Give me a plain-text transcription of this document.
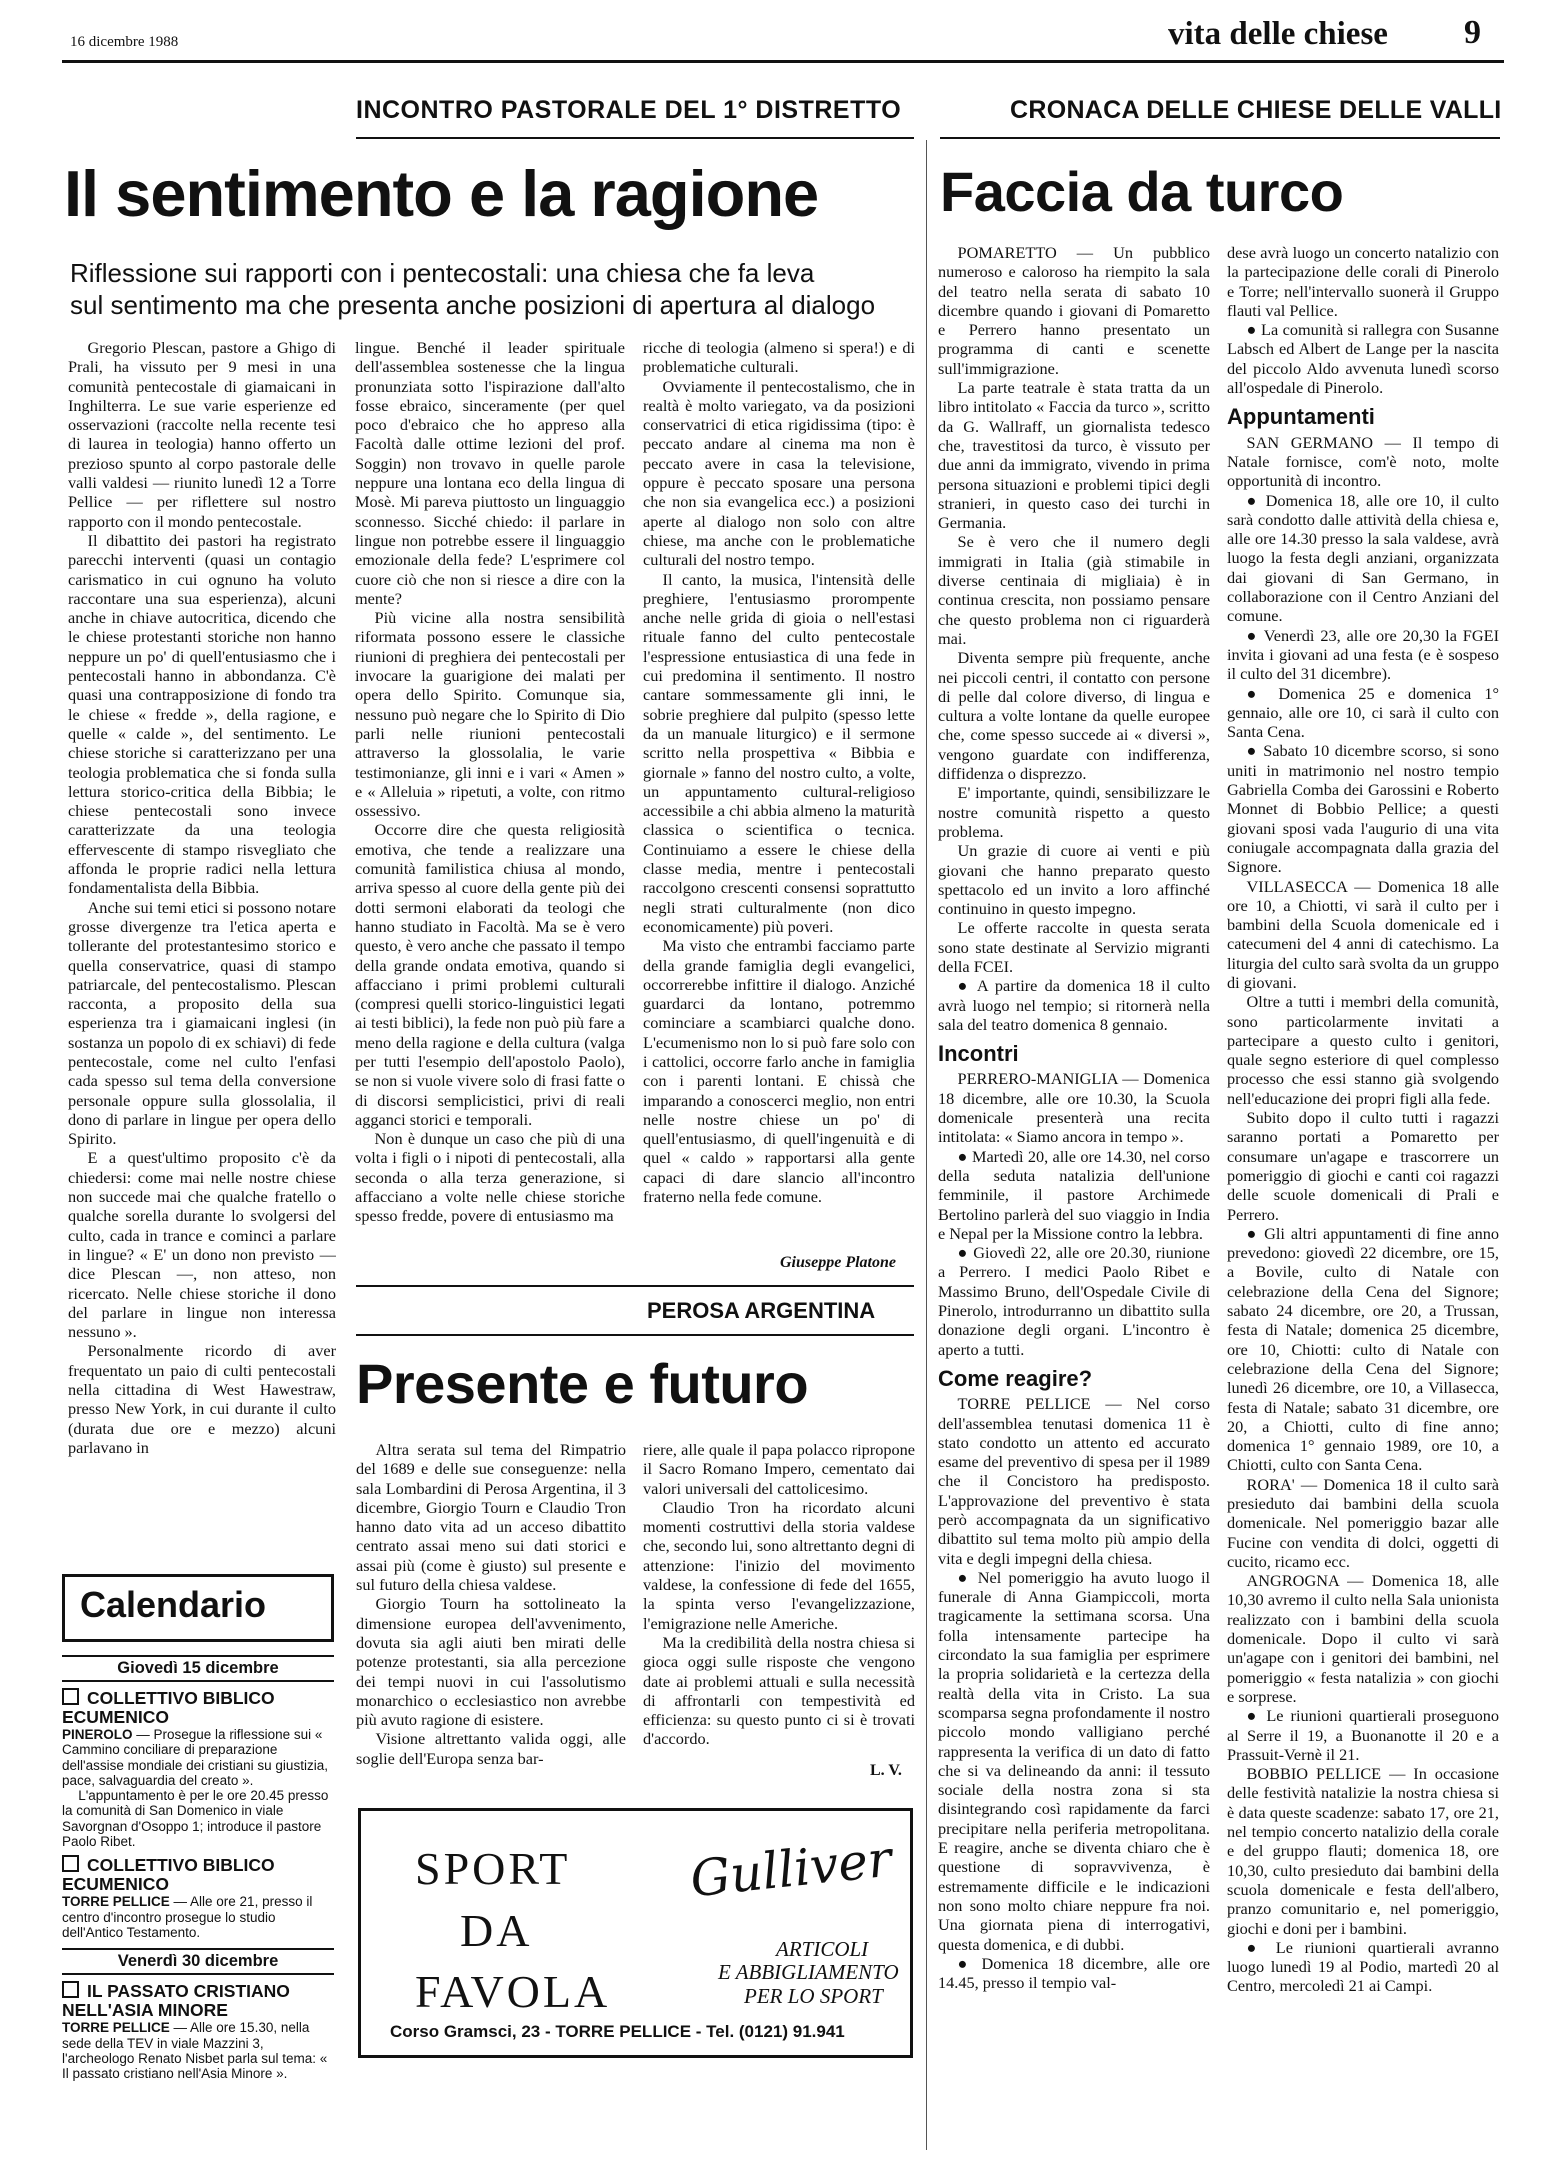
16 dicembre 1988	vita delle chiese 9
INCONTRO PASTORALE DEL 1° DISTRETTO	CRONACA DELLE CHIESE DELLE VALLI
Il sentimento e la ragione
Riflessione sui rapporti con i pentecostali: una chiesa che fa leva
sul sentimento ma che presenta anche posizioni di apertura al dialogo

Gregorio Plescan, pastore a Ghigo di Prali, ha vissuto per 9 mesi in una comunità pentecostale di giamaicani in Inghilterra. Le sue varie esperienze ed osservazioni (raccolte nella recente tesi di laurea in teologia) hanno offerto un prezioso spunto al corpo pastorale delle valli valdesi — riunito lunedì 12 a Torre Pellice — per riflettere sul nostro rapporto con il mondo pentecostale.

Il dibattito dei pastori ha registrato parecchi interventi (quasi un contagio carismatico in cui ognuno ha voluto raccontare una sua esperienza), alcuni anche in chiave autocritica, dicendo che le chiese protestanti storiche non hanno neppure un po' di quell'entusiasmo che i pentecostali hanno in abbondanza. C'è quasi una contrapposizione di fondo tra le chiese « fredde », della ragione, e quelle « calde », del sentimento. Le chiese storiche si caratterizzano per una teologia problematica che si fonda sulla lettura storico-critica della Bibbia; le chiese pentecostali sono invece caratterizzate da una teologia effervescente di stampo risvegliato che affonda le proprie radici nella lettura fondamentalista della Bibbia.

Anche sui temi etici si possono notare grosse divergenze tra l'etica aperta e tollerante del protestantesimo storico e quella conservatrice, quasi di stampo patriarcale, del pentecostalismo. Plescan racconta, a proposito della sua esperienza tra i giamaicani inglesi (in sostanza un popolo di ex schiavi) di fede pentecostale, come nel culto l'enfasi cada spesso sul tema della conversione personale oppure sulla glossolalia, il dono di parlare in lingue per opera dello Spirito.

E a quest'ultimo proposito c'è da chiedersi: come mai nelle nostre chiese non succede mai che qualche fratello o qualche sorella durante lo svolgersi del culto, cada in trance e cominci a parlare in lingue? « E' un dono non previsto — dice Plescan —, non atteso, non ricercato. Nelle chiese storiche il dono del parlare in lingue non interessa nessuno ».

Personalmente ricordo di aver frequentato un paio di culti pentecostali nella cittadina di West Hawestraw, presso New York, in cui durante il culto (durata due ore e mezzo) alcuni parlavano in

lingue. Benché il leader spirituale dell'assemblea sostenesse che la lingua pronunziata sotto l'ispirazione dall'alto fosse ebraico, sinceramente (per quel poco d'ebraico che ho appreso alla Facoltà dalle ottime lezioni del prof. Soggin) non trovavo in quelle parole neppure una lontana eco della lingua di Mosè. Mi pareva piuttosto un linguaggio sconnesso. Sicché chiedo: il parlare in lingue non potrebbe essere il linguaggio emozionale della fede? L'esprimere col cuore ciò che non si riesce a dire con la mente?

Più vicine alla nostra sensibilità riformata possono essere le classiche riunioni di preghiera dei pentecostali per invocare la guarigione dei malati per opera dello Spirito. Comunque sia, nessuno può negare che lo Spirito di Dio parli nelle riunioni pentecostali attraverso la glossolalia, le varie testimonianze, gli inni e i vari « Amen » e « Alleluia » ripetuti, a volte, con ritmo ossessivo.

Occorre dire che questa religiosità emotiva, che tende a realizzare una comunità familistica chiusa al mondo, arriva spesso al cuore della gente più dei dotti sermoni elaborati da teologi che hanno studiato in Facoltà. Ma se è vero questo, è vero anche che passato il tempo della grande ondata emotiva, quando si affacciano i primi problemi culturali (compresi quelli storico-linguistici legati ai testi biblici), la fede non può più fare a meno della ragione e della cultura (valga per tutti l'esempio dell'apostolo Paolo), se non si vuole vivere solo di frasi fatte o di discorsi semplicistici, privi di reali agganci storici e temporali.

Non è dunque un caso che più di una volta i figli o i nipoti di pentecostali, alla seconda o alla terza generazione, si affacciano a volte nelle chiese storiche spesso fredde, povere di entusiasmo ma

ricche di teologia (almeno si spera!) e di problematiche culturali.

Ovviamente il pentecostalismo, che in realtà è molto variegato, va da posizioni conservatrici di etica rigidissima (tipo: è peccato andare al cinema ma non è peccato avere in casa la televisione, oppure è peccato sposare una persona che non sia evangelica ecc.) a posizioni aperte al dialogo non solo con altre chiese, ma anche con le problematiche culturali del nostro tempo.

Il canto, la musica, l'intensità delle preghiere, l'entusiasmo prorompente anche nelle grida di gioia o nell'estasi rituale fanno del culto pentecostale l'espressione entusiastica di una fede in cui predomina il sentimento. Il nostro cantare sommessamente gli inni, le sobrie preghiere dal pulpito (spesso lette da un manuale liturgico) e il sermone scritto nella prospettiva « Bibbia e giornale » fanno del nostro culto, a volte, un appuntamento cultural-religioso accessibile a chi abbia almeno la maturità classica o scientifica o tecnica. Continuiamo a essere le chiese della classe media, mentre i pentecostali raccolgono crescenti consensi soprattutto negli strati culturalmente (non dico economicamente) più poveri.

Ma visto che entrambi facciamo parte della grande famiglia degli evangelici, occorrerebbe infittire il dialogo. Anziché guardarci da lontano, potremmo cominciare a scambiarci qualche dono. L'ecumenismo non lo si può fare solo con i cattolici, occorre farlo anche in famiglia con i parenti lontani. E chissà che imparando a conoscerci meglio, non entri nelle nostre chiese un po' di quell'entusiasmo, di quell'ingenuità e di quel « caldo » rapportarsi alla gente capaci di dare slancio all'incontro fraterno nella fede comune.

Giuseppe Platone
PEROSA ARGENTINA
Presente e futuro

Altra serata sul tema del Rimpatrio del 1689 e delle sue conseguenze: nella sala Lombardini di Perosa Argentina, il 3 dicembre, Giorgio Tourn e Claudio Tron hanno dato vita ad un acceso dibattito centrato assai meno sui dati storici e assai più (come è giusto) sul presente e sul futuro della chiesa valdese.

Giorgio Tourn ha sottolineato la dimensione europea dell'avvenimento, dovuta sia agli aiuti ben mirati delle potenze protestanti, sia alla percezione dei tempi nuovi in cui l'assolutismo monarchico o ecclesiastico non avrebbe più avuto ragione di esistere.

Visione altrettanto valida oggi, alle soglie dell'Europa senza bar-

riere, alle quale il papa polacco ripropone il Sacro Romano Impero, cementato dai valori universali del cattolicesimo.

Claudio Tron ha ricordato alcuni momenti costruttivi della storia valdese che, secondo lui, sono altrettanto degni di attenzione: l'inizio del movimento valdese, la confessione di fede del 1655, la spinta verso l'evangelizzazione, l'emigrazione nelle Americhe.

Ma la credibilità della nostra chiesa si gioca oggi sulle risposte che vengono date ai problemi attuali e sulla necessità di affrontarli con tempestività ed efficienza: su questo punto ci si è trovati d'accordo.

L. V.
SPORT
DA
FAVOLA
Gulliver
ARTICOLI
E ABBIGLIAMENTO
PER LO SPORT
Corso Gramsci, 23 - TORRE PELLICE - Tel. (0121) 91.941
Calendario
Giovedì 15 dicembre
COLLETTIVO BIBLICO ECUMENICO
PINEROLO — Prosegue la riflessione sui « Cammino conciliare di preparazione dell'assise mondiale dei cristiani su giustizia, pace, salvaguardia del creato ».
L'appuntamento è per le ore 20.45 presso la comunità di San Domenico in viale Savorgnan d'Osoppo 1; introduce il pastore Paolo Ribet.
COLLETTIVO BIBLICO ECUMENICO
TORRE PELLICE — Alle ore 21, presso il centro d'incontro prosegue lo studio dell'Antico Testamento.
Venerdì 30 dicembre
IL PASSATO CRISTIANO NELL'ASIA MINORE
TORRE PELLICE — Alle ore 15.30, nella sede della TEV in viale Mazzini 3, l'archeologo Renato Nisbet parla sul tema: « Il passato cristiano nell'Asia Minore ».
Faccia da turco

POMARETTO — Un pubblico numeroso e caloroso ha riempito la sala del teatro nella serata di sabato 10 dicembre quando i giovani di Pomaretto e Perrero hanno presentato un programma di canti e scenette sull'immigrazione.

La parte teatrale è stata tratta da un libro intitolato « Faccia da turco », scritto da G. Wallraff, un giornalista tedesco che, travestitosi da turco, è vissuto per due anni da immigrato, vivendo in prima persona situazioni e problemi tipici degli stranieri, in questo caso dei turchi in Germania.

Se è vero che il numero degli immigrati in Italia (già stimabile in diverse centinaia di migliaia) è in continua crescita, non possiamo pensare che questo problema non ci riguarderà mai.

Diventa sempre più frequente, anche nei piccoli centri, il contatto con persone di pelle dal colore diverso, di lingua e cultura a volte lontane da quelle europee che, come spesso succede ai « diversi », vengono guardate con indifferenza, diffidenza o disprezzo.

E' importante, quindi, sensibilizzare le nostre comunità rispetto a questo problema.

Un grazie di cuore ai venti e più giovani che hanno preparato questo spettacolo ed un invito a loro affinché continuino in questo impegno.

Le offerte raccolte in questa serata sono state destinate al Servizio migranti della FCEI.

● A partire da domenica 18 il culto avrà luogo nel tempio; si ritornerà nella sala del teatro domenica 8 gennaio.

Incontri

PERRERO-MANIGLIA — Domenica 18 dicembre, alle ore 10.30, la Scuola domenicale presenterà una recita intitolata: « Siamo ancora in tempo ».

● Martedì 20, alle ore 14.30, nel corso della seduta natalizia dell'unione femminile, il pastore Archimede Bertolino parlerà del suo viaggio in India e Nepal per la Missione contro la lebbra.

● Giovedì 22, alle ore 20.30, riunione a Perrero. I medici Paolo Ribet e Massimo Bruno, dell'Ospedale Civile di Pinerolo, introdurranno un dibattito sulla donazione degli organi. L'incontro è aperto a tutti.

Come reagire?

TORRE PELLICE — Nel corso dell'assemblea tenutasi domenica 11 è stato condotto un attento ed accurato esame del preventivo di spesa per il 1989 che il Concistoro ha predisposto. L'approvazione del preventivo è stata però accompagnata da un significativo dibattito sul tema molto più ampio della vita e degli impegni della chiesa.

● Nel pomeriggio ha avuto luogo il funerale di Anna Giampiccoli, morta tragicamente la settimana scorsa. Una folla intensamente partecipe ha circondato la sua famiglia per esprimere la propria solidarietà e la certezza della realtà della vita in Cristo. La sua scomparsa segna profondamente il nostro piccolo mondo valligiano perché rappresenta la verifica di un dato di fatto che si va delineando da anni: il tessuto sociale della nostra zona si sta disintegrando così rapidamente da farci precipitare nella periferia metropolitana. E reagire, anche se diventa chiaro che è questione di sopravvivenza, è estremamente difficile e le indicazioni non sono molto chiare neppure fra noi. Una giornata piena di interrogativi, questa domenica, e di dubbi.

● Domenica 18 dicembre, alle ore 14.45, presso il tempio val-

dese avrà luogo un concerto natalizio con la partecipazione delle corali di Pinerolo e Torre; nell'intervallo suonerà il Gruppo flauti val Pellice.

● La comunità si rallegra con Susanne Labsch ed Albert de Lange per la nascita del piccolo Aldo avvenuta lunedì scorso all'ospedale di Pinerolo.

Appuntamenti

SAN GERMANO — Il tempo di Natale fornisce, com'è noto, molte opportunità di incontro.

● Domenica 18, alle ore 10, il culto sarà condotto dalle attività della chiesa e, alle ore 14.30 presso la sala valdese, avrà luogo la festa degli anziani, organizzata dai giovani di San Germano, in collaborazione con il Centro Anziani del comune.

● Venerdì 23, alle ore 20,30 la FGEI invita i giovani ad una festa (e è sospeso il culto del 31 dicembre).

● Domenica 25 e domenica 1° gennaio, alle ore 10, ci sarà il culto con Santa Cena.

● Sabato 10 dicembre scorso, si sono uniti in matrimonio nel nostro tempio Gabriella Comba dei Garossini e Roberto Monnet di Bobbio Pellice; a questi giovani sposi vada l'augurio di una vita coniugale accompagnata dalla grazia del Signore.

VILLASECCA — Domenica 18 alle ore 10, a Chiotti, vi sarà il culto per i bambini della Scuola domenicale ed i catecumeni del 4 anni di catechismo. La liturgia del culto sarà svolta da un gruppo di giovani.

Oltre a tutti i membri della comunità, sono particolarmente invitati a partecipare a questo culto i genitori, quale segno esteriore di quel complesso processo che essi stanno già svolgendo nell'educazione dei propri figli alla fede.

Subito dopo il culto tutti i ragazzi saranno portati a Pomaretto per consumare un'agape e trascorrere un pomeriggio di giochi e canti coi ragazzi delle scuole domenicali di Prali e Perrero.

● Gli altri appuntamenti di fine anno prevedono: giovedì 22 dicembre, ore 15, a Bovile, culto di Natale con celebrazione della Cena del Signore; sabato 24 dicembre, ore 20, a Trussan, festa di Natale; domenica 25 dicembre, ore 10, Chiotti: culto di Natale con celebrazione della Cena del Signore; lunedì 26 dicembre, ore 10, a Villasecca, festa di Natale; sabato 31 dicembre, ore 20, a Chiotti, culto di fine anno; domenica 1° gennaio 1989, ore 10, a Chiotti, culto con Santa Cena.

RORA' — Domenica 18 il culto sarà presieduto dai bambini della scuola domenicale. Nel pomeriggio bazar alle Fucine con vendita di dolci, oggetti di cucito, ricamo ecc.

ANGROGNA — Domenica 18, alle 10,30 avremo il culto nella Sala unionista realizzato con i bambini della scuola domenicale. Dopo il culto vi sarà un'agape con i genitori dei bambini, nel pomeriggio « festa natalizia » con giochi e sorprese.

● Le riunioni quartierali proseguono al Serre il 19, a Buonanotte il 20 e a Prassuit-Vernè il 21.

BOBBIO PELLICE — In occasione delle festività natalizie la nostra chiesa si è data queste scadenze: sabato 17, ore 21, nel tempio concerto natalizio della corale e del gruppo flauti; domenica 18, ore 10,30, culto presieduto dai bambini della scuola domenicale e festa dell'albero, pranzo comunitario e, nel pomeriggio, giochi e doni per i bambini.

● Le riunioni quartierali avranno luogo lunedì 19 al Podio, martedì 20 al Centro, mercoledì 21 ai Campi.
